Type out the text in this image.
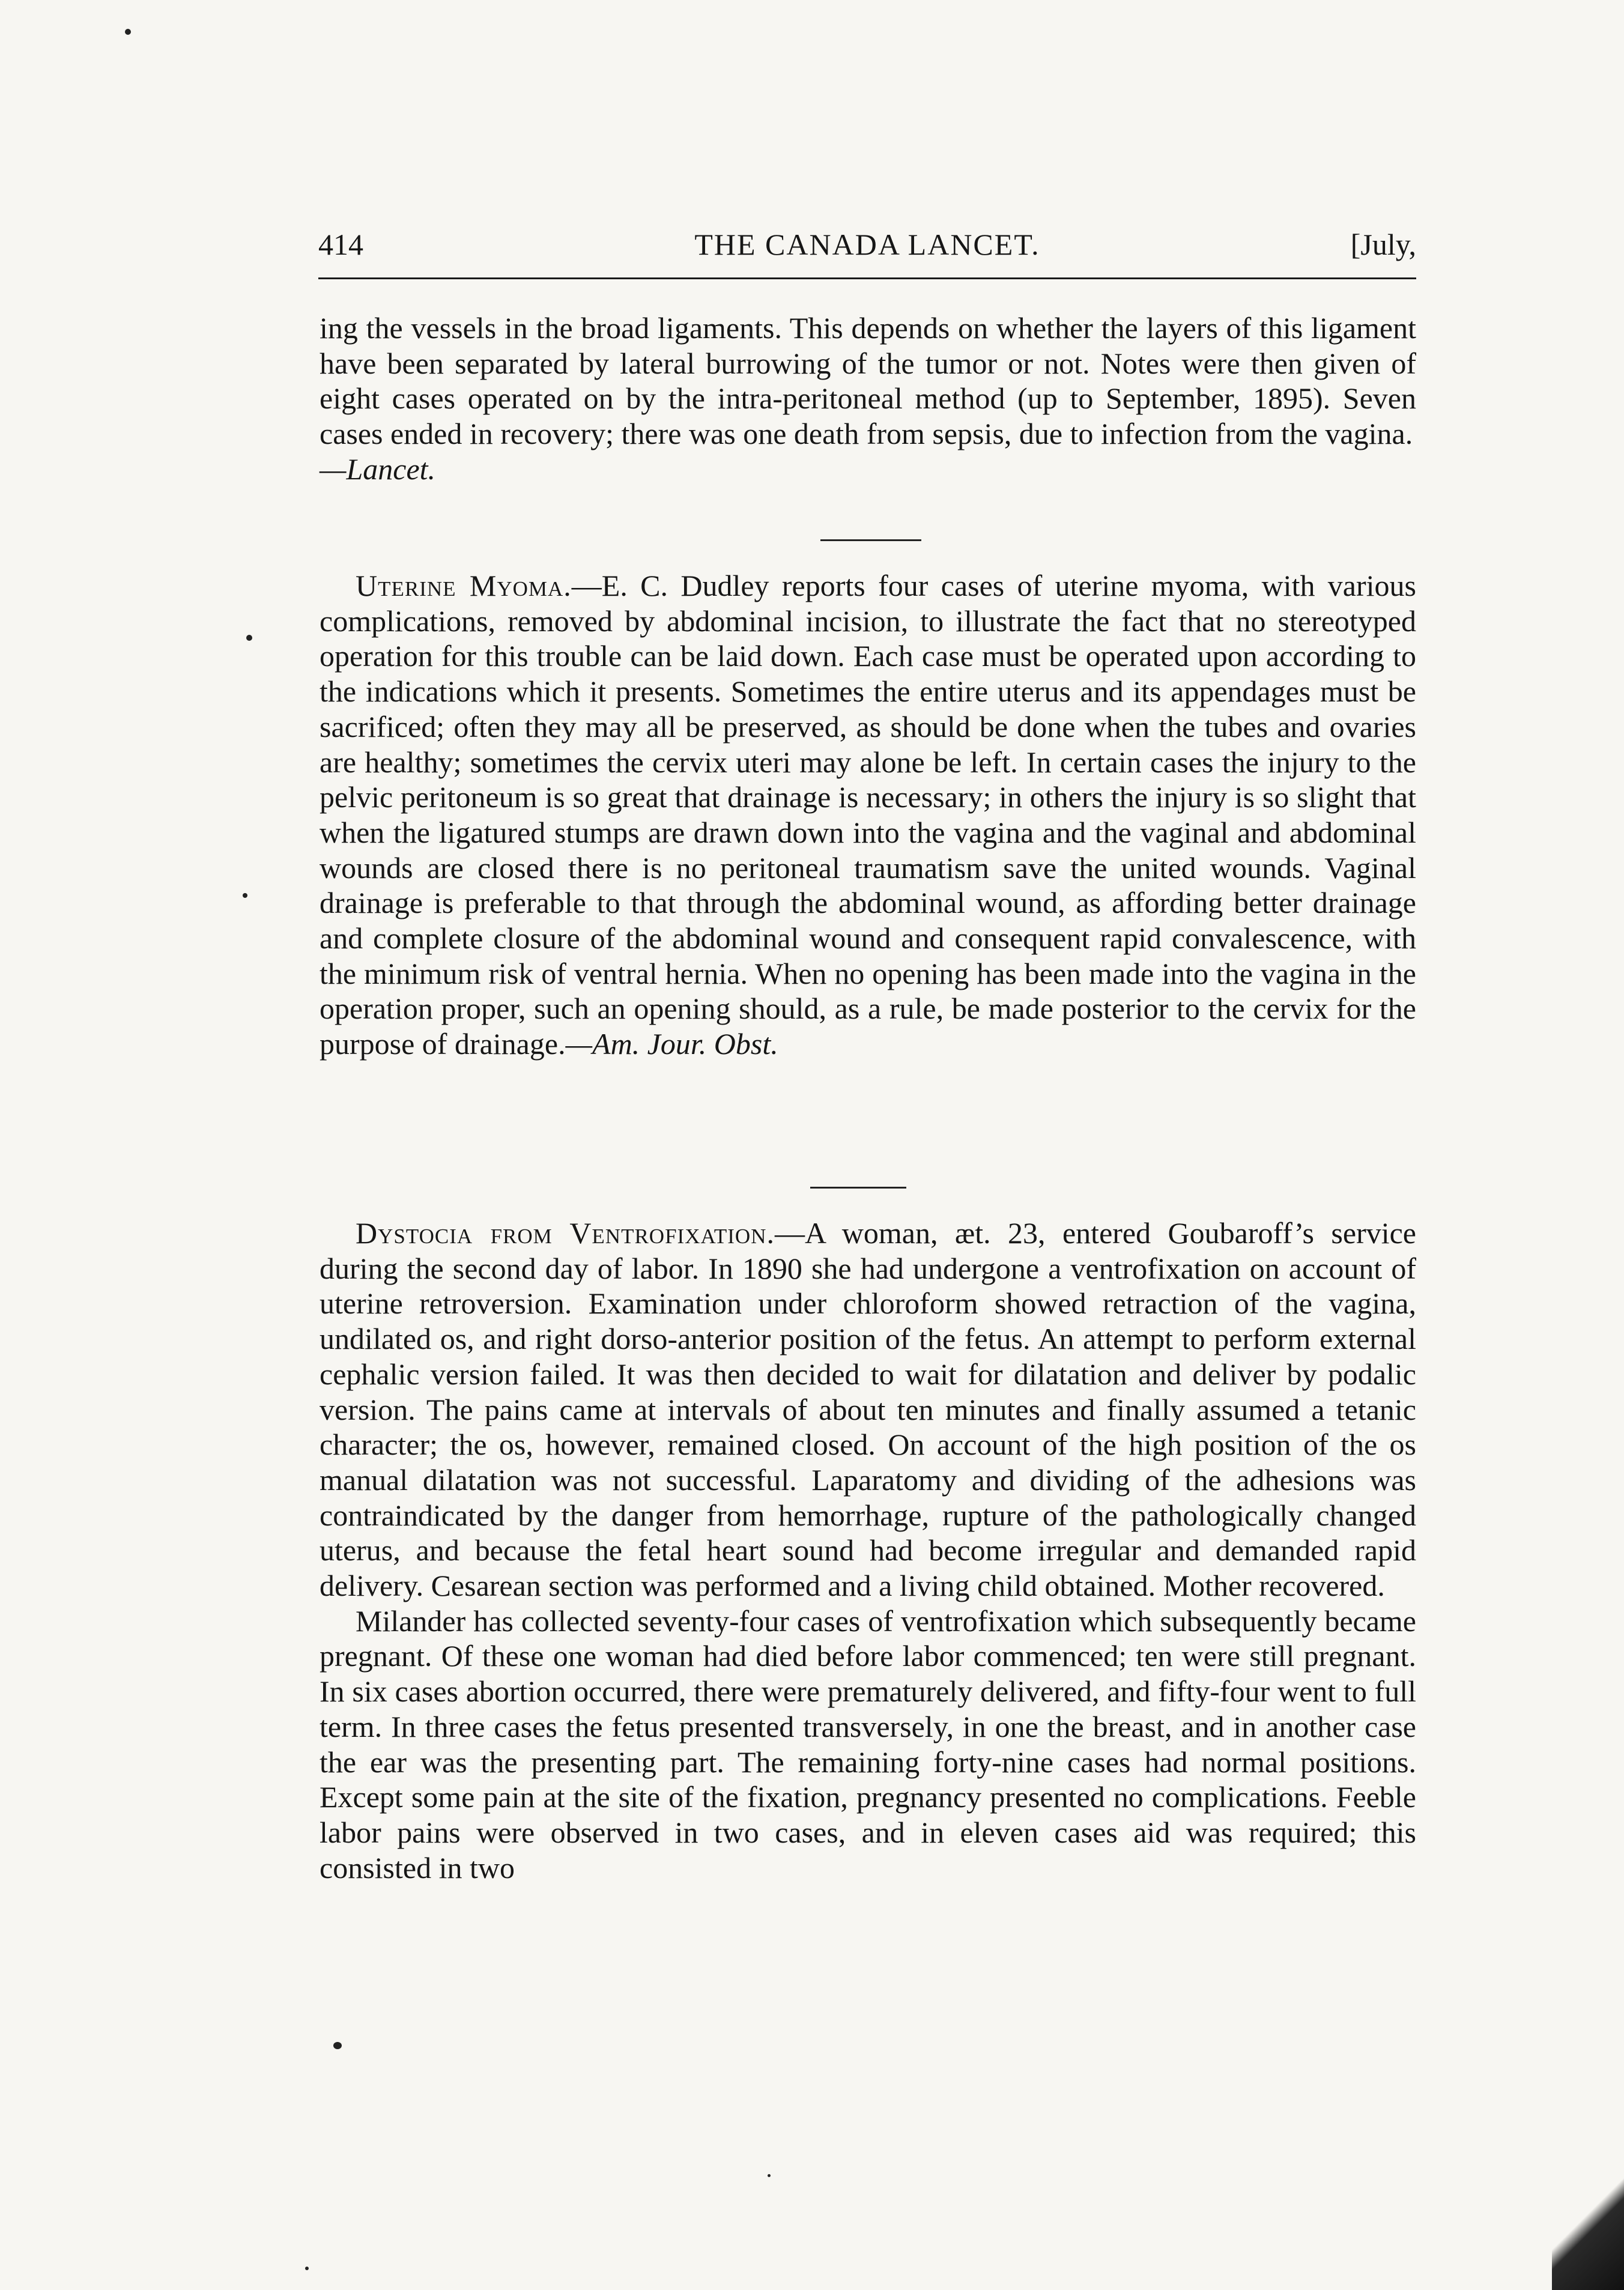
414	THE CANADA LANCET.	[July,

ing the vessels in the broad ligaments. This depends on whether the layers of this ligament have been separated by lateral burrowing of the tumor or not. Notes were then given of eight cases operated on by the intra-peritoneal method (up to September, 1895). Seven cases ended in recovery; there was one death from sepsis, due to infection from the vagina.

—Lancet.

Uterine Myoma.—E. C. Dudley reports four cases of uterine myoma, with various complications, removed by abdominal incision, to illustrate the fact that no stereotyped operation for this trouble can be laid down. Each case must be operated upon according to the indications which it presents. Sometimes the entire uterus and its appendages must be sacrificed; often they may all be preserved, as should be done when the tubes and ovaries are healthy; sometimes the cervix uteri may alone be left. In certain cases the injury to the pelvic peritoneum is so great that drainage is necessary; in others the injury is so slight that when the ligatured stumps are drawn down into the vagina and the vaginal and abdominal wounds are closed there is no peritoneal traumatism save the united wounds. Vaginal drainage is preferable to that through the abdominal wound, as affording better drainage and complete closure of the abdominal wound and consequent rapid convalescence, with the minimum risk of ventral hernia. When no opening has been made into the vagina in the operation proper, such an opening should, as a rule, be made posterior to the cervix for the purpose of drainage.—Am. Jour. Obst.

Dystocia from Ventrofixation.—A woman, æt. 23, entered Goubaroff’s service during the second day of labor. In 1890 she had undergone a ventrofixation on account of uterine retroversion. Examination under chloroform showed retraction of the vagina, undilated os, and right dorso-anterior position of the fetus. An attempt to perform external cephalic version failed. It was then decided to wait for dilatation and deliver by podalic version. The pains came at intervals of about ten minutes and finally assumed a tetanic character; the os, however, remained closed. On account of the high position of the os manual dilatation was not successful. Laparatomy and dividing of the adhesions was contraindicated by the danger from hemorrhage, rupture of the pathologically changed uterus, and because the fetal heart sound had become irregular and demanded rapid delivery. Cesarean section was performed and a living child obtained. Mother recovered.

Milander has collected seventy-four cases of ventrofixation which subsequently became pregnant. Of these one woman had died before labor commenced; ten were still pregnant. In six cases abortion occurred, there were prematurely delivered, and fifty-four went to full term. In three cases the fetus presented transversely, in one the breast, and in another case the ear was the presenting part. The remaining forty-nine cases had normal positions. Except some pain at the site of the fixation, pregnancy presented no complications. Feeble labor pains were observed in two cases, and in eleven cases aid was required; this consisted in two
